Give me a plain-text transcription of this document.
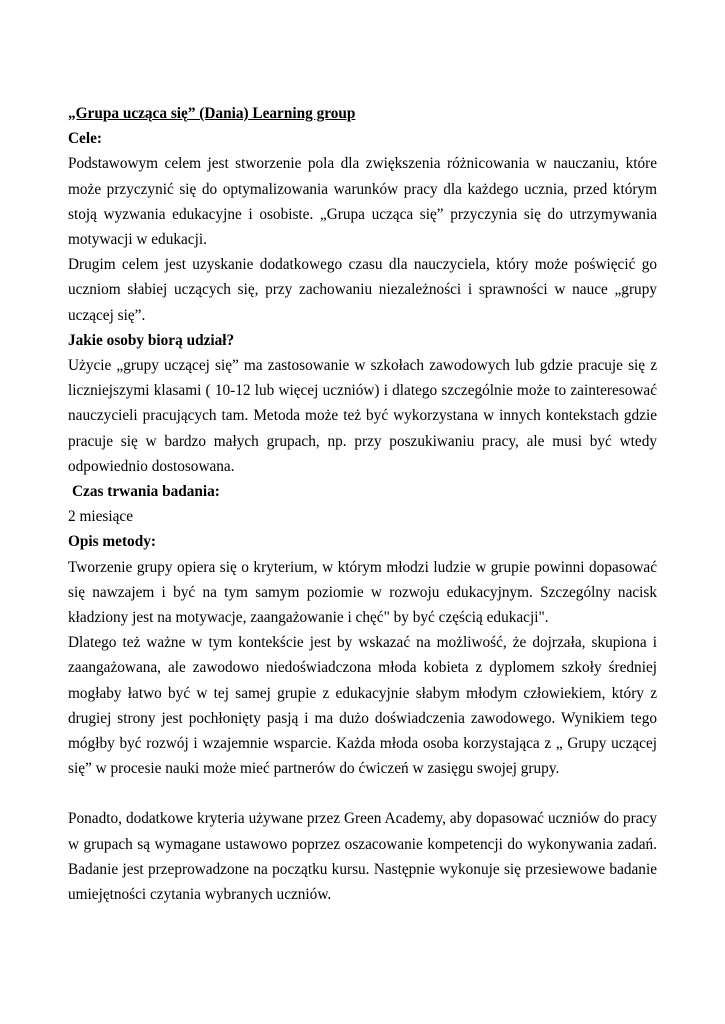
„Grupa ucząca się” (Dania) Learning group

Cele:

Podstawowym celem jest stworzenie pola dla zwiększenia różnicowania w nauczaniu, które może przyczynić się do optymalizowania warunków pracy dla każdego ucznia, przed którym stoją wyzwania edukacyjne i osobiste. „Grupa ucząca się” przyczynia się do utrzymywania motywacji w edukacji.

Drugim celem jest uzyskanie dodatkowego czasu dla nauczyciela, który może poświęcić go uczniom słabiej uczących się, przy zachowaniu niezależności i sprawności w nauce „grupy uczącej się”.

Jakie osoby biorą udział?

Użycie „grupy uczącej się” ma zastosowanie w szkołach zawodowych lub gdzie pracuje się z liczniejszymi klasami ( 10-12 lub więcej uczniów) i dlatego szczególnie może to zainteresować nauczycieli pracujących tam. Metoda może też być wykorzystana w innych kontekstach gdzie pracuje się w bardzo małych grupach, np. przy poszukiwaniu pracy, ale musi być wtedy odpowiednio dostosowana.

Czas trwania badania:

2 miesiące

Opis metody:

Tworzenie grupy opiera się o kryterium, w którym młodzi ludzie w grupie powinni dopasować się nawzajem i być na tym samym poziomie w rozwoju edukacyjnym. Szczególny nacisk kładziony jest na motywacje, zaangażowanie i chęć" by być częścią edukacji".

Dlatego też ważne w tym kontekście jest by wskazać na możliwość, że dojrzała, skupiona i zaangażowana, ale zawodowo niedoświadczona młoda kobieta z dyplomem szkoły średniej mogłaby łatwo być w tej samej grupie z edukacyjnie słabym młodym człowiekiem, który z drugiej strony jest pochłonięty pasją i ma dużo doświadczenia zawodowego. Wynikiem tego mógłby być rozwój i wzajemnie wsparcie. Każda młoda osoba korzystająca z „ Grupy uczącej się” w procesie nauki może mieć partnerów do ćwiczeń w zasięgu swojej grupy.

Ponadto, dodatkowe kryteria używane przez Green Academy, aby dopasować uczniów do pracy w grupach są wymagane ustawowo poprzez oszacowanie kompetencji do wykonywania zadań. Badanie jest przeprowadzone na początku kursu. Następnie wykonuje się przesiewowe badanie umiejętności czytania wybranych uczniów.
